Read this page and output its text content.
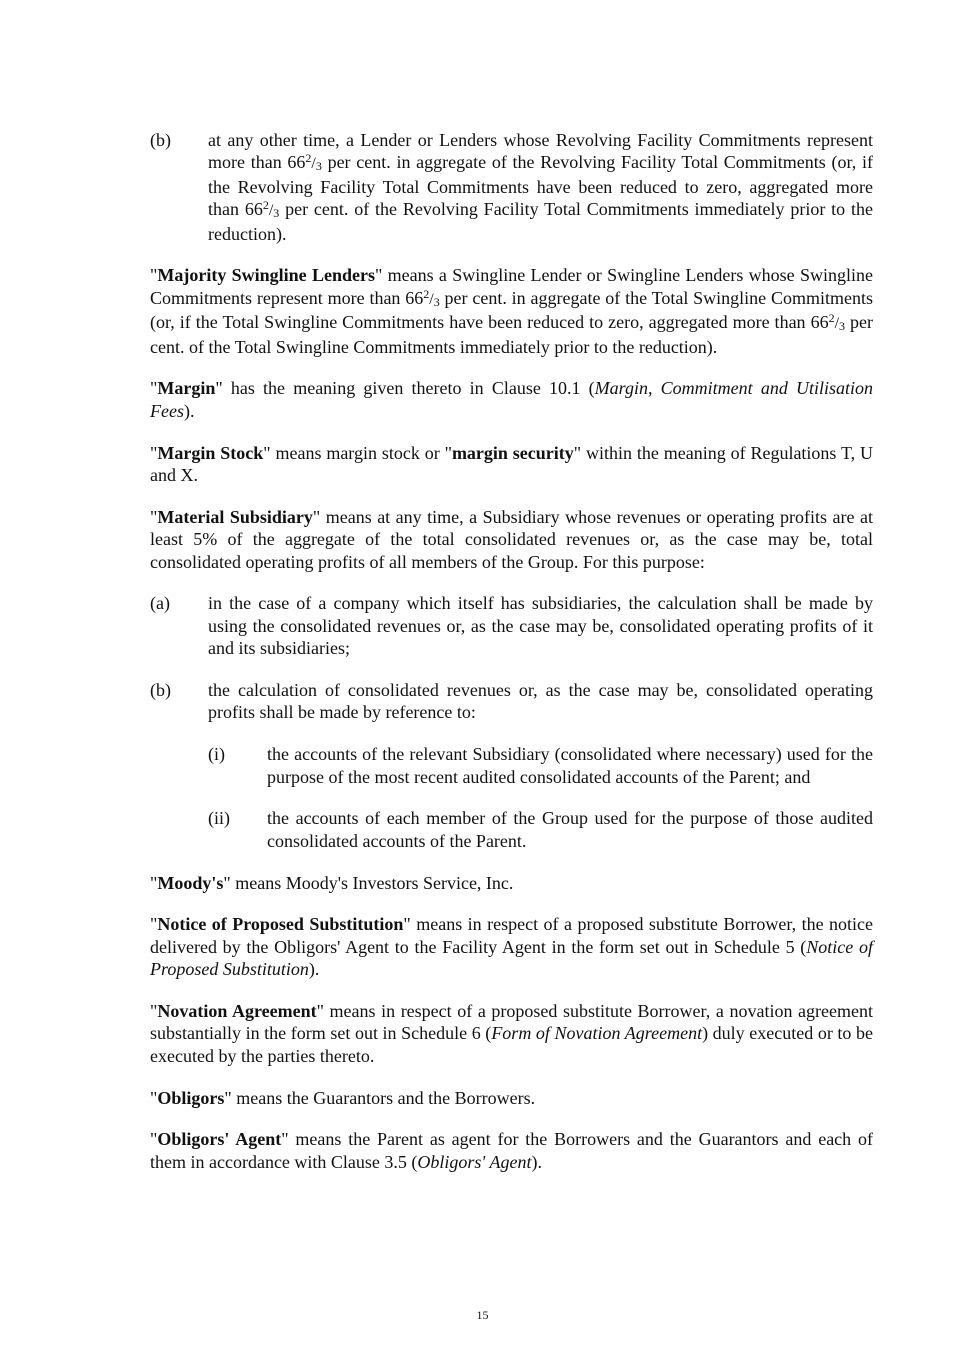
(b) at any other time, a Lender or Lenders whose Revolving Facility Commitments represent more than $66^2/_3$ per cent. in aggregate of the Revolving Facility Total Commitments (or, if the Revolving Facility Total Commitments have been reduced to zero, aggregated more than $66^2/_3$ per cent. of the Revolving Facility Total Commitments immediately prior to the reduction).

"Majority Swingline Lenders" means a Swingline Lender or Swingline Lenders whose Swingline Commitments represent more than $66^2/_3$ per cent. in aggregate of the Total Swingline Commitments (or, if the Total Swingline Commitments have been reduced to zero, aggregated more than $66^2/_3$ per cent. of the Total Swingline Commitments immediately prior to the reduction).

"Margin" has the meaning given thereto in Clause 10.1 (Margin, Commitment and Utilisation Fees).

"Margin Stock" means margin stock or "margin security" within the meaning of Regulations T, U and X.

"Material Subsidiary" means at any time, a Subsidiary whose revenues or operating profits are at least 5% of the aggregate of the total consolidated revenues or, as the case may be, total consolidated operating profits of all members of the Group. For this purpose:

(a) in the case of a company which itself has subsidiaries, the calculation shall be made by using the consolidated revenues or, as the case may be, consolidated operating profits of it and its subsidiaries;
(b) the calculation of consolidated revenues or, as the case may be, consolidated operating profits shall be made by reference to:
(i) the accounts of the relevant Subsidiary (consolidated where necessary) used for the purpose of the most recent audited consolidated accounts of the Parent; and
(ii) the accounts of each member of the Group used for the purpose of those audited consolidated accounts of the Parent.

"Moody's" means Moody's Investors Service, Inc.

"Notice of Proposed Substitution" means in respect of a proposed substitute Borrower, the notice delivered by the Obligors' Agent to the Facility Agent in the form set out in Schedule 5 (Notice of Proposed Substitution).

"Novation Agreement" means in respect of a proposed substitute Borrower, a novation agreement substantially in the form set out in Schedule 6 (Form of Novation Agreement) duly executed or to be executed by the parties thereto.

"Obligors" means the Guarantors and the Borrowers.

"Obligors' Agent" means the Parent as agent for the Borrowers and the Guarantors and each of them in accordance with Clause 3.5 (Obligors' Agent).

15
